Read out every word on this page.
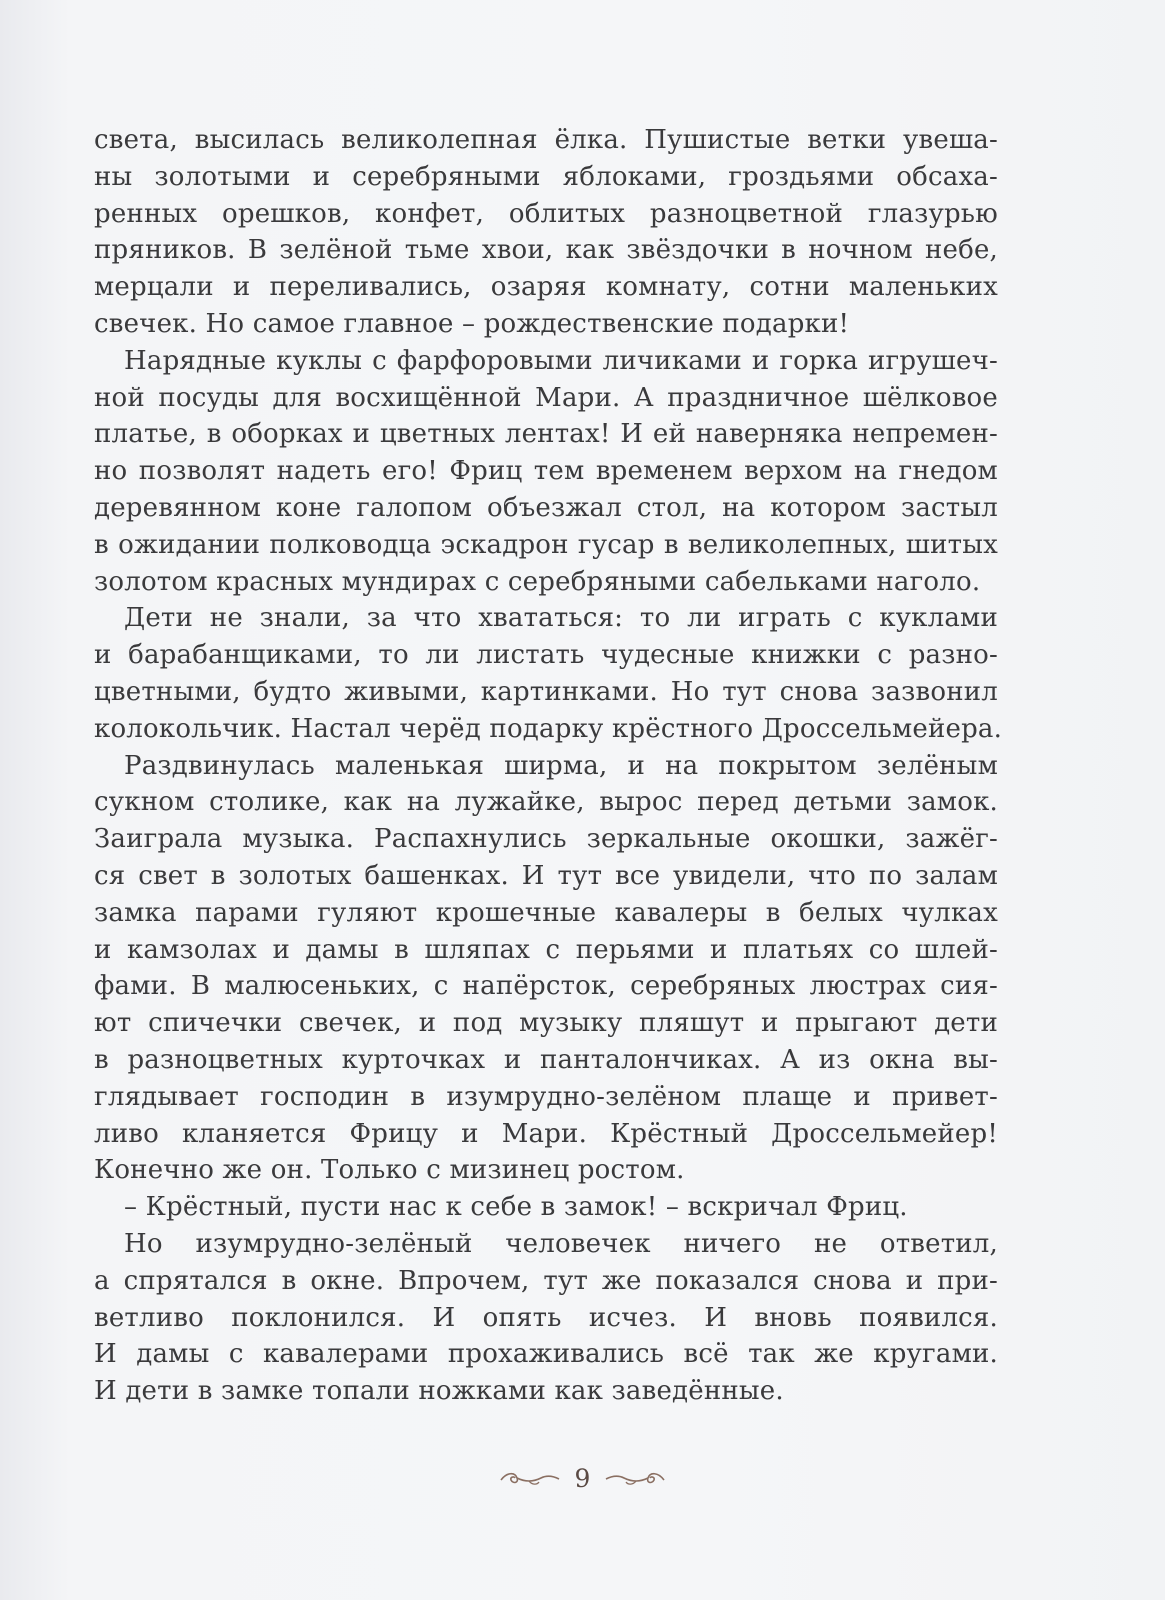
света, высилась великолепная ёлка. Пушистые ветки увеша-
ны золотыми и серебряными яблоками, гроздьями обсаха-
ренных орешков, конфет, облитых разноцветной глазурью
пряников. В зелёной тьме хвои, как звёздочки в ночном небе,
мерцали и переливались, озаряя комнату, сотни маленьких
свечек. Но самое главное – рождественские подарки!
Нарядные куклы с фарфоровыми личиками и горка игрушеч-
ной посуды для восхищённой Мари. А праздничное шёлковое
платье, в оборках и цветных лентах! И ей наверняка непремен-
но позволят надеть его! Фриц тем временем верхом на гнедом
деревянном коне галопом объезжал стол, на котором застыл
в ожидании полководца эскадрон гусар в великолепных, шитых
золотом красных мундирах с серебряными сабельками наголо.
Дети не знали, за что хвататься: то ли играть с куклами
и барабанщиками, то ли листать чудесные книжки с разно-
цветными, будто живыми, картинками. Но тут снова зазвонил
колокольчик. Настал черёд подарку крёстного Дроссельмейера.
Раздвинулась маленькая ширма, и на покрытом зелёным
сукном столике, как на лужайке, вырос перед детьми замок.
Заиграла музыка. Распахнулись зеркальные окошки, зажёг-
ся свет в золотых башенках. И тут все увидели, что по залам
замка парами гуляют крошечные кавалеры в белых чулках
и камзолах и дамы в шляпах с перьями и платьях со шлей-
фами. В малюсеньких, с напёрсток, серебряных люстрах сия-
ют спичечки свечек, и под музыку пляшут и прыгают дети
в разноцветных курточках и панталончиках. А из окна вы-
глядывает господин в изумрудно-зелёном плаще и привет-
ливо кланяется Фрицу и Мари. Крёстный Дроссельмейер!
Конечно же он. Только с мизинец ростом.
– Крёстный, пусти нас к себе в замок! – вскричал Фриц.
Но изумрудно-зелёный человечек ничего не ответил,
а спрятался в окне. Впрочем, тут же показался снова и при-
ветливо поклонился. И опять исчез. И вновь появился.
И дамы с кавалерами прохаживались всё так же кругами.
И дети в замке топали ножками как заведённые.
9
